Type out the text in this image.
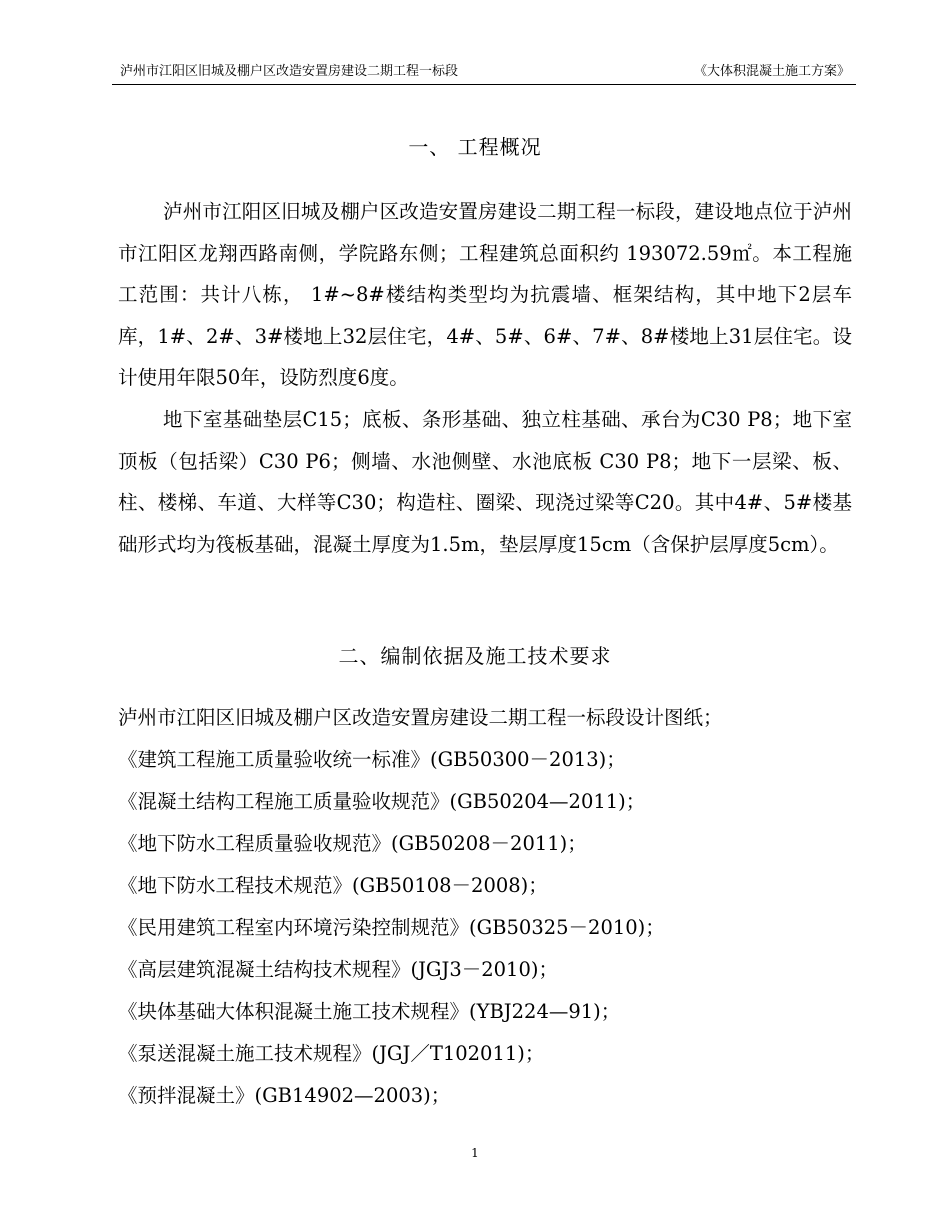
泸州市江阳区旧城及棚户区改造安置房建设二期工程一标段	《大体积混凝土施工方案》
一、 工程概况

泸州市江阳区旧城及棚户区改造安置房建设二期工程一标段，建设地点位于泸州市江阳区龙翔西路南侧，学院路东侧；工程建筑总面积约 193072.59㎡。本工程施工范围：共计八栋， 1#~8#楼结构类型均为抗震墙、框架结构，其中地下2层车库，1#、2#、3#楼地上32层住宅，4#、5#、6#、7#、8#楼地上31层住宅。设计使用年限50年，设防烈度6度。

地下室基础垫层C15；底板、条形基础、独立柱基础、承台为C30 P8；地下室顶板（包括梁）C30 P6；侧墙、水池侧壁、水池底板 C30 P8；地下一层梁、板、柱、楼梯、车道、大样等C30；构造柱、圈梁、现浇过梁等C20。其中4#、5#楼基础形式均为筏板基础，混凝土厚度为1.5m，垫层厚度15cm（含保护层厚度5cm）。

二、编制依据及施工技术要求
泸州市江阳区旧城及棚户区改造安置房建设二期工程一标段设计图纸；
《建筑工程施工质量验收统一标准》(GB50300－2013)；
《混凝土结构工程施工质量验收规范》(GB50204—2011)；
《地下防水工程质量验收规范》(GB50208－2011)；
《地下防水工程技术规范》(GB50108－2008)；
《民用建筑工程室内环境污染控制规范》(GB50325－2010)；
《高层建筑混凝土结构技术规程》(JGJ3－2010)；
《块体基础大体积混凝土施工技术规程》(YBJ224—91)；
《泵送混凝土施工技术规程》(JGJ／T102011)；
《预拌混凝土》(GB14902—2003)；
1
